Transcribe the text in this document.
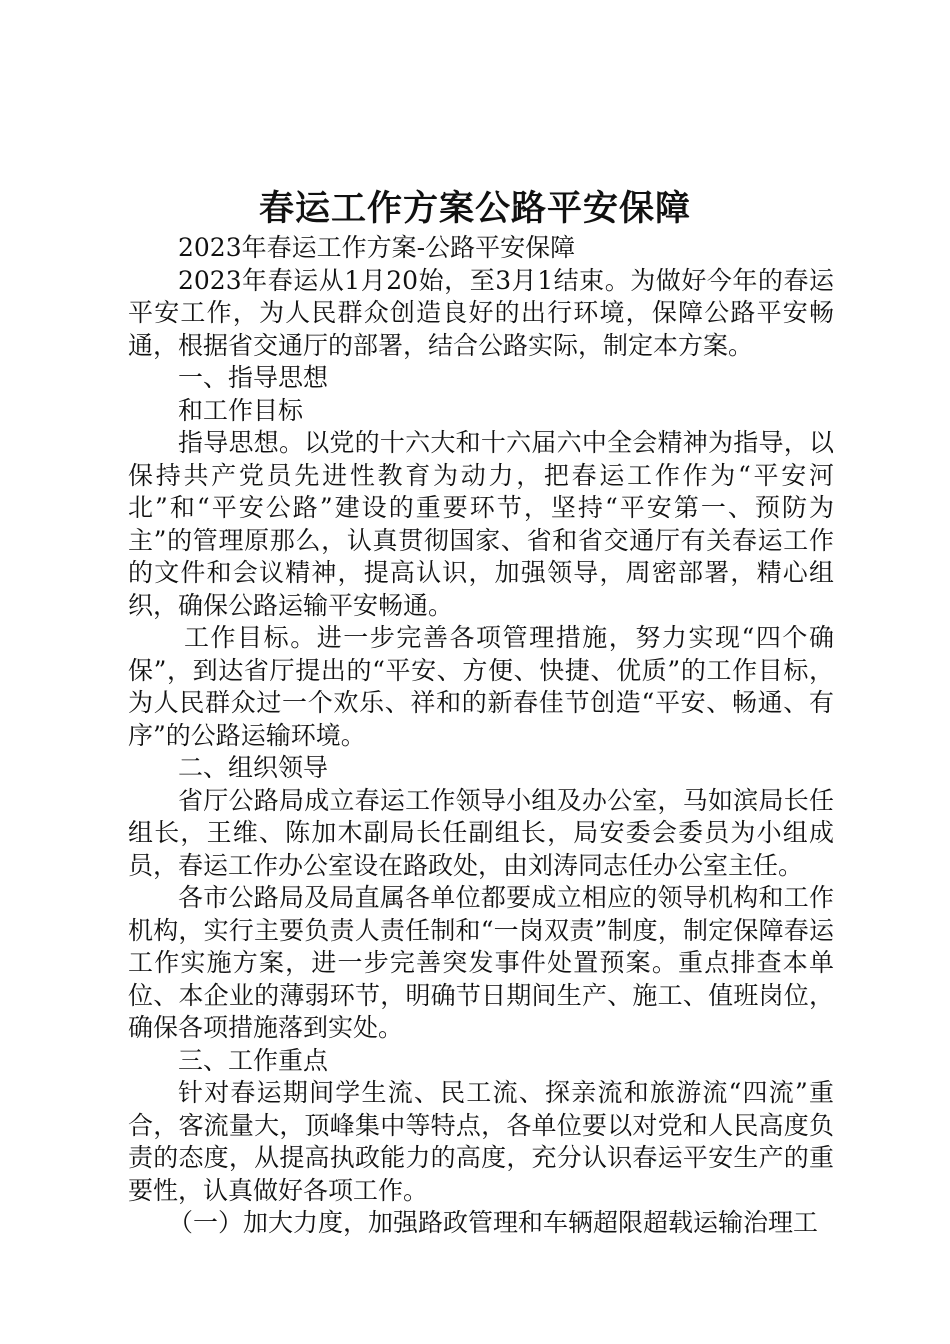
春运工作方案公路平安保障

2023年春运工作方案-公路平安保障

2023年春运从1月20始，至3月1结束。为做好今年的春运平安工作，为人民群众创造良好的出行环境，保障公路平安畅通，根据省交通厅的部署，结合公路实际，制定本方案。

一、指导思想

和工作目标

指导思想。以党的十六大和十六届六中全会精神为指导，以保持共产党员先进性教育为动力，把春运工作作为“平安河北”和“平安公路”建设的重要环节，坚持“平安第一、预防为主”的管理原那么，认真贯彻国家、省和省交通厅有关春运工作的文件和会议精神，提高认识，加强领导，周密部署，精心组织，确保公路运输平安畅通。

工作目标。进一步完善各项管理措施，努力实现“四个确保”，到达省厅提出的“平安、方便、快捷、优质”的工作目标，为人民群众过一个欢乐、祥和的新春佳节创造“平安、畅通、有序”的公路运输环境。

二、组织领导

省厅公路局成立春运工作领导小组及办公室，马如滨局长任组长，王维、陈加木副局长任副组长，局安委会委员为小组成员，春运工作办公室设在路政处，由刘涛同志任办公室主任。

各市公路局及局直属各单位都要成立相应的领导机构和工作机构，实行主要负责人责任制和“一岗双责”制度，制定保障春运工作实施方案，进一步完善突发事件处置预案。重点排查本单位、本企业的薄弱环节，明确节日期间生产、施工、值班岗位，确保各项措施落到实处。

三、工作重点

针对春运期间学生流、民工流、探亲流和旅游流“四流”重合，客流量大，顶峰集中等特点，各单位要以对党和人民高度负责的态度，从提高执政能力的高度，充分认识春运平安生产的重要性，认真做好各项工作。

（一）加大力度，加强路政管理和车辆超限超载运输治理工
